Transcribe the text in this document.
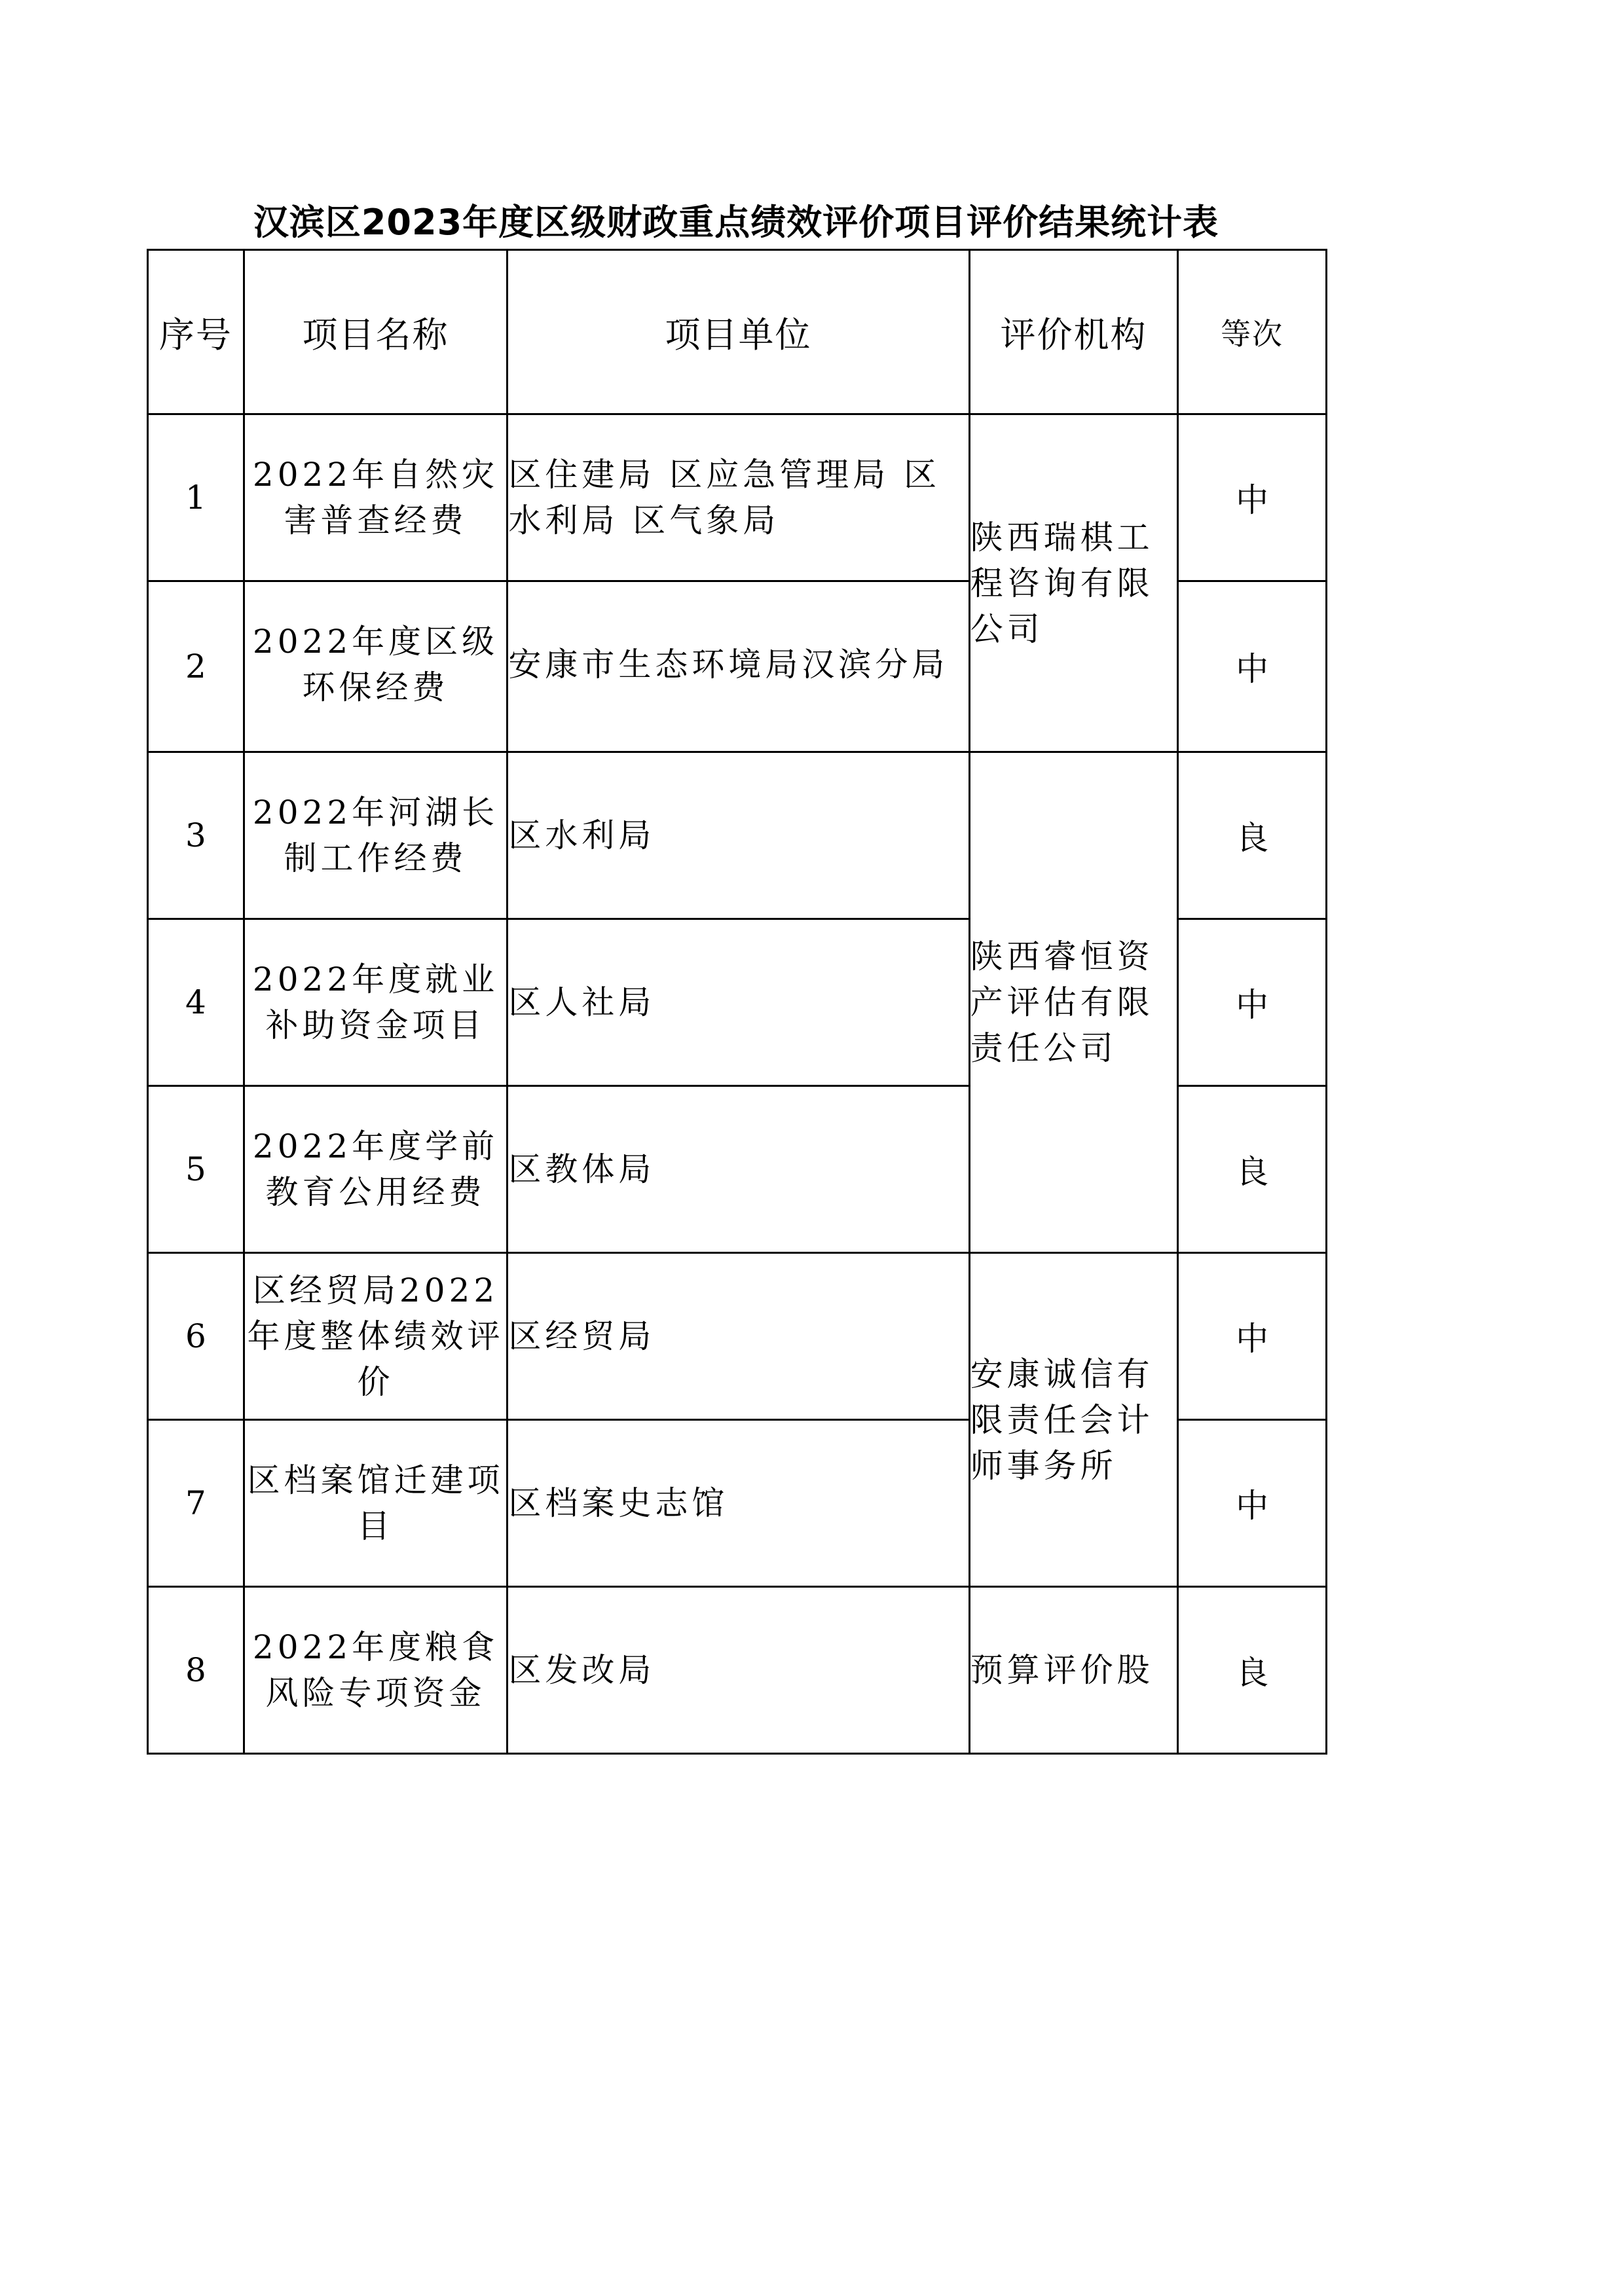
汉滨区2023年度区级财政重点绩效评价项目评价结果统计表
序号	项目名称	项目单位	评价机构	等次
1	2022年自然灾害普查经费	区住建局 区应急管理局 区水利局 区气象局	陕西瑞棋工程咨询有限公司	中
2	2022年度区级环保经费	安康市生态环境局汉滨分局		中
3	2022年河湖长制工作经费	区水利局	陕西睿恒资产评估有限责任公司	良
4	2022年度就业补助资金项目	区人社局		中
5	2022年度学前教育公用经费	区教体局		良
6	区经贸局2022年度整体绩效评价	区经贸局	安康诚信有限责任会计师事务所	中
7	区档案馆迁建项目	区档案史志馆		中
8	2022年度粮食风险专项资金	区发改局	预算评价股	良
